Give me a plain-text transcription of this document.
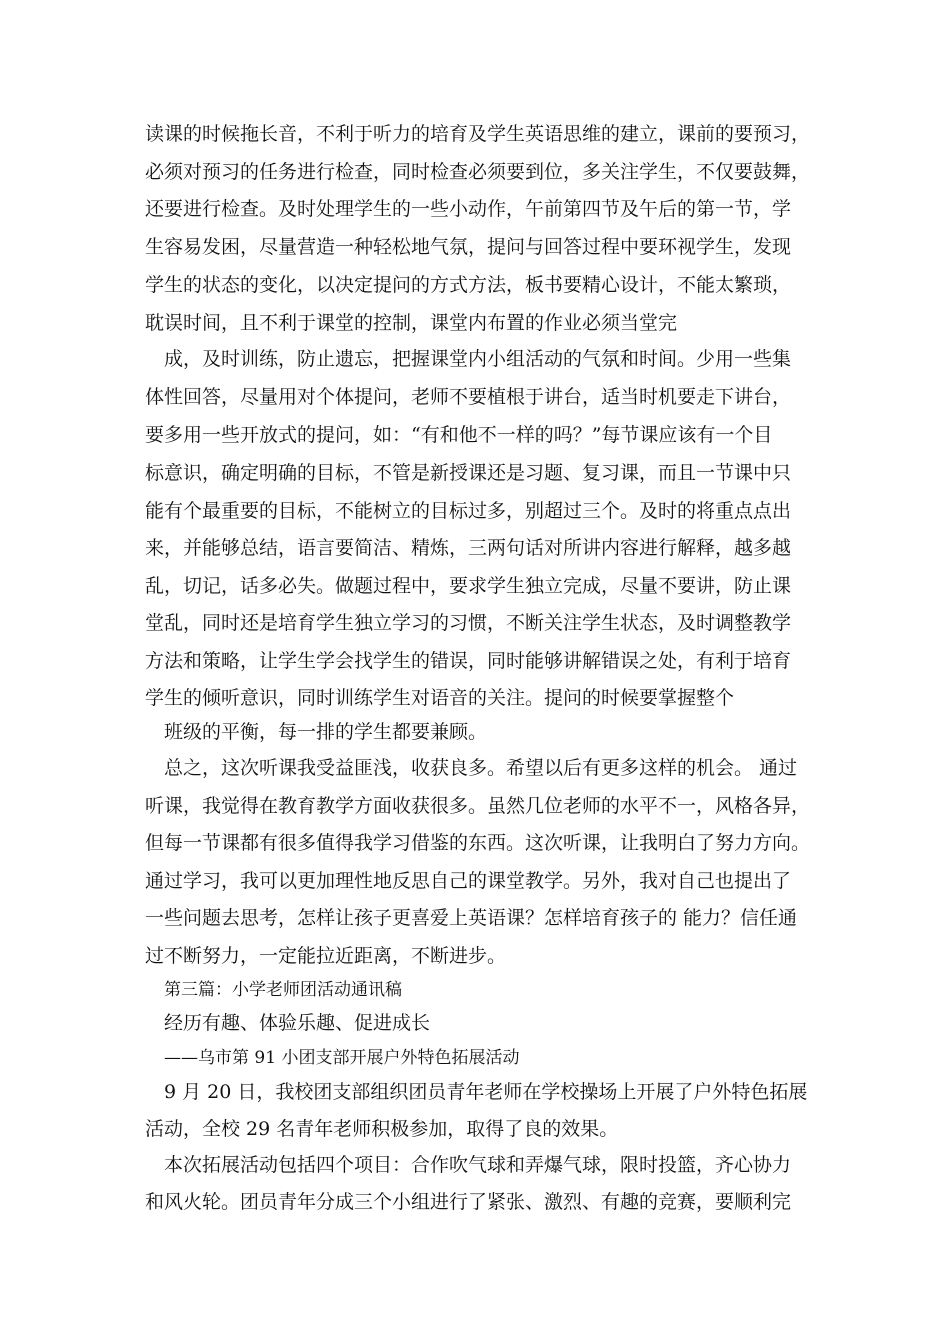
读课的时候拖长音，不利于听力的培育及学生英语思维的建立，课前的要预习，

必须对预习的任务进行检查，同时检查必须要到位，多关注学生，不仅要鼓舞，

还要进行检查。及时处理学生的一些小动作，午前第四节及午后的第一节，学

生容易发困，尽量营造一种轻松地气氛，提问与回答过程中要环视学生，发现

学生的状态的变化，以决定提问的方式方法，板书要精心设计，不能太繁琐，

耽误时间，且不利于课堂的控制，课堂内布置的作业必须当堂完

成，及时训练，防止遗忘，把握课堂内小组活动的气氛和时间。少用一些集

体性回答，尽量用对个体提问，老师不要植根于讲台，适当时机要走下讲台，

要多用一些开放式的提问，如：“有和他不一样的吗？”每节课应该有一个目

标意识，确定明确的目标，不管是新授课还是习题、复习课，而且一节课中只

能有个最重要的目标，不能树立的目标过多，别超过三个。及时的将重点点出

来，并能够总结，语言要简洁、精炼，三两句话对所讲内容进行解释，越多越

乱，切记，话多必失。做题过程中，要求学生独立完成，尽量不要讲，防止课

堂乱，同时还是培育学生独立学习的习惯，不断关注学生状态，及时调整教学

方法和策略，让学生学会找学生的错误，同时能够讲解错误之处，有利于培育

学生的倾听意识，同时训练学生对语音的关注。提问的时候要掌握整个

班级的平衡，每一排的学生都要兼顾。

总之，这次听课我受益匪浅，收获良多。希望以后有更多这样的机会。 通过

听课，我觉得在教育教学方面收获很多。虽然几位老师的水平不一，风格各异，

但每一节课都有很多值得我学习借鉴的东西。这次听课，让我明白了努力方向。

通过学习，我可以更加理性地反思自己的课堂教学。另外，我对自己也提出了

一些问题去思考，怎样让孩子更喜爱上英语课？怎样培育孩子的 能力？信任通

过不断努力，一定能拉近距离，不断进步。

第三篇：小学老师团活动通讯稿

经历有趣、体验乐趣、促进成长

——乌市第 91 小团支部开展户外特色拓展活动

9 月 20 日，我校团支部组织团员青年老师在学校操场上开展了户外特色拓展

活动，全校 29 名青年老师积极参加，取得了良的效果。

本次拓展活动包括四个项目：合作吹气球和弄爆气球，限时投篮，齐心协力

和风火轮。团员青年分成三个小组进行了紧张、激烈、有趣的竞赛，要顺利完
